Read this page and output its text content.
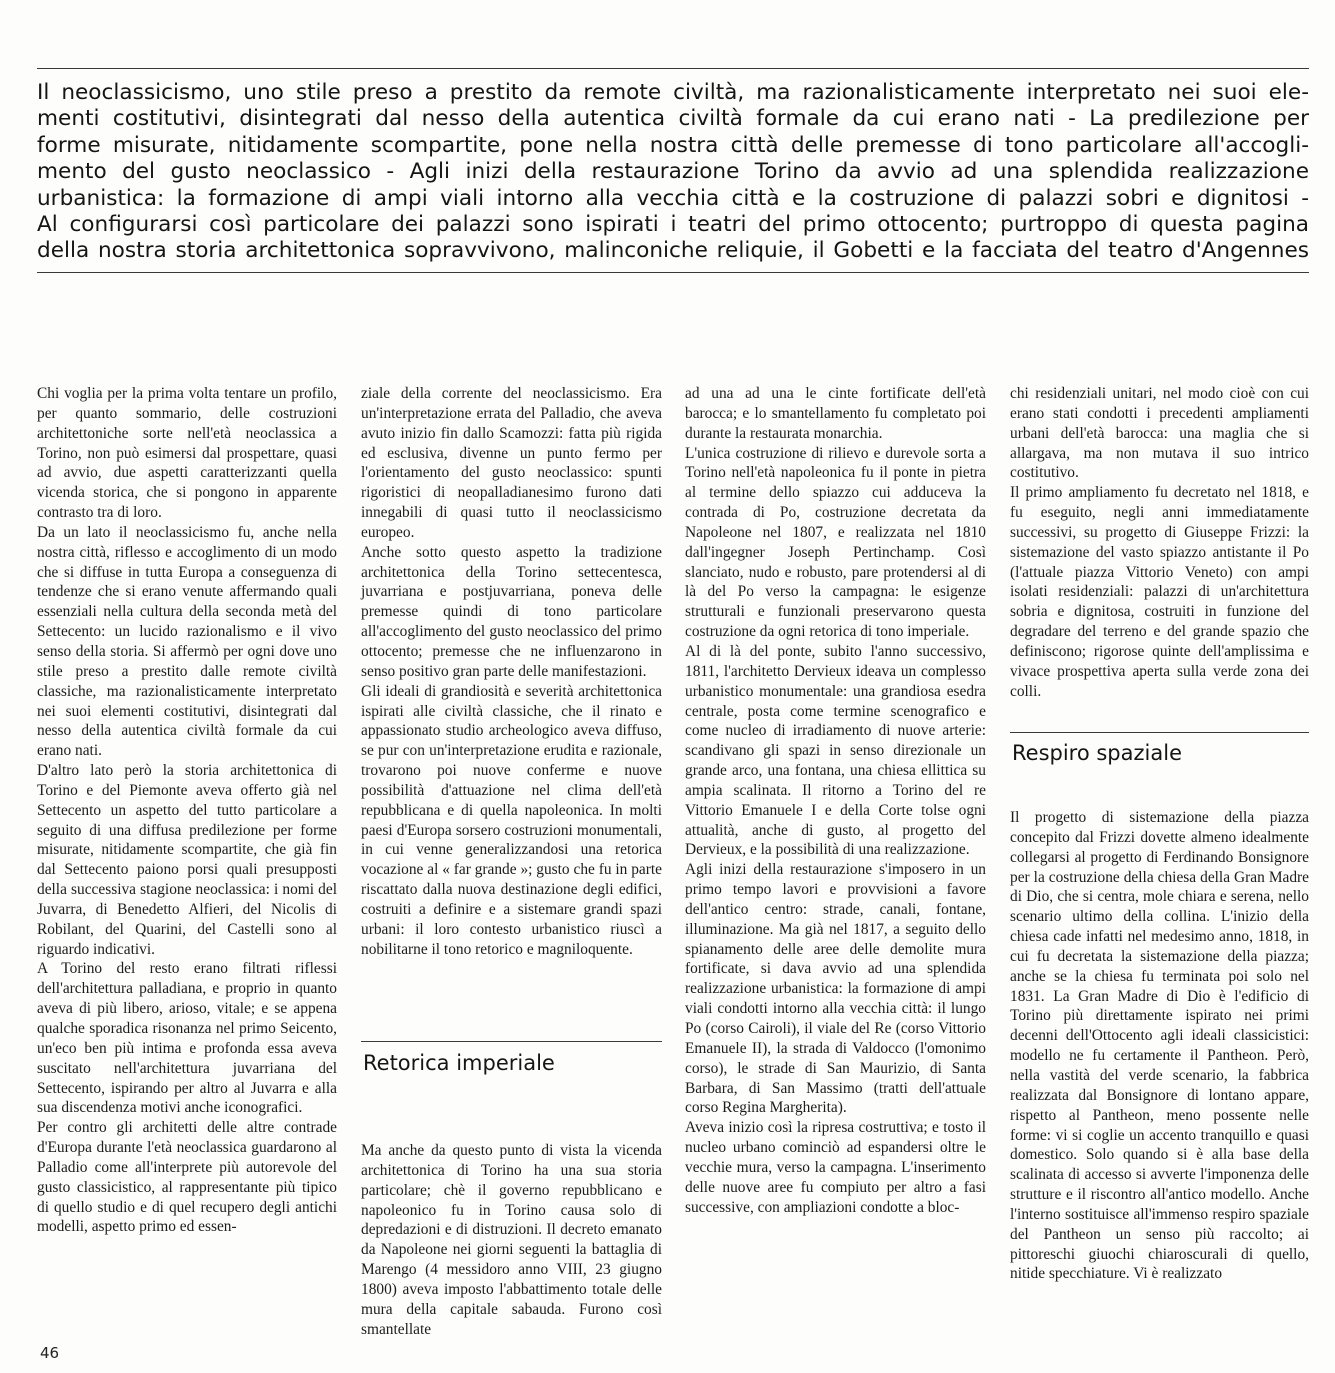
Il neoclassicismo, uno stile preso a prestito da remote civiltà, ma razionalisticamente interpretato nei suoi ele-
menti costitutivi, disintegrati dal nesso della autentica civiltà formale da cui erano nati - La predilezione per
forme misurate, nitidamente scompartite, pone nella nostra città delle premesse di tono particolare all'accogli-
mento del gusto neoclassico - Agli inizi della restaurazione Torino da avvio ad una splendida realizzazione
urbanistica: la formazione di ampi viali intorno alla vecchia città e la costruzione di palazzi sobri e dignitosi -
Al configurarsi così particolare dei palazzi sono ispirati i teatri del primo ottocento; purtroppo di questa pagina
della nostra storia architettonica sopravvivono, malinconiche reliquie, il Gobetti e la facciata del teatro d'Angennes

Chi voglia per la prima volta tentare un profilo, per quanto sommario, delle costruzioni architettoniche sorte nell'età neoclassica a Torino, non può esimersi dal prospettare, quasi ad avvio, due aspetti caratterizzanti quella vicenda storica, che si pongono in apparente contrasto tra di loro.

Da un lato il neoclassicismo fu, anche nella nostra città, riflesso e accoglimento di un modo che si diffuse in tutta Europa a conseguenza di tendenze che si erano venute affermando quali essenziali nella cultura della seconda metà del Settecento: un lucido razionalismo e il vivo senso della storia. Si affermò per ogni dove uno stile preso a prestito dalle remote civiltà classiche, ma razionalisticamente interpretato nei suoi elementi costitutivi, disintegrati dal nesso della autentica civiltà formale da cui erano nati.

D'altro lato però la storia architettonica di Torino e del Piemonte aveva offerto già nel Settecento un aspetto del tutto particolare a seguito di una diffusa predilezione per forme misurate, nitidamente scompartite, che già fin dal Settecento paiono porsi quali presupposti della successiva stagione neoclassica: i nomi del Juvarra, di Benedetto Alfieri, del Nicolis di Robilant, del Quarini, del Castelli sono al riguardo indicativi.

A Torino del resto erano filtrati riflessi dell'architettura palladiana, e proprio in quanto aveva di più libero, arioso, vitale; e se appena qualche sporadica risonanza nel primo Seicento, un'eco ben più intima e profonda essa aveva suscitato nell'architettura juvarriana del Settecento, ispirando per altro al Juvarra e alla sua discendenza motivi anche iconografici.

Per contro gli architetti delle altre contrade d'Europa durante l'età neoclassica guardarono al Palladio come all'interprete più autorevole del gusto classicistico, al rappresentante più tipico di quello studio e di quel recupero degli antichi modelli, aspetto primo ed essen-

ziale della corrente del neoclassicismo. Era un'interpretazione errata del Palladio, che aveva avuto inizio fin dallo Scamozzi: fatta più rigida ed esclusiva, divenne un punto fermo per l'orientamento del gusto neoclassico: spunti rigoristici di neopalladianesimo furono dati innegabili di quasi tutto il neoclassicismo europeo.

Anche sotto questo aspetto la tradizione architettonica della Torino settecentesca, juvarriana e postjuvarriana, poneva delle premesse quindi di tono particolare all'accoglimento del gusto neoclassico del primo ottocento; premesse che ne influenzarono in senso positivo gran parte delle manifestazioni.

Gli ideali di grandiosità e severità architettonica ispirati alle civiltà classiche, che il rinato e appassionato studio archeologico aveva diffuso, se pur con un'interpretazione erudita e razionale, trovarono poi nuove conferme e nuove possibilità d'attuazione nel clima dell'età repubblicana e di quella napoleonica. In molti paesi d'Europa sorsero costruzioni monumentali, in cui venne generalizzandosi una retorica vocazione al « far grande »; gusto che fu in parte riscattato dalla nuova destinazione degli edifici, costruiti a definire e a sistemare grandi spazi urbani: il loro contesto urbanistico riuscì a nobilitarne il tono retorico e magniloquente.

Retorica imperiale

Ma anche da questo punto di vista la vicenda architettonica di Torino ha una sua storia particolare; chè il governo repubblicano e napoleonico fu in Torino causa solo di depredazioni e di distruzioni. Il decreto emanato da Napoleone nei giorni seguenti la battaglia di Marengo (4 messidoro anno VIII, 23 giugno 1800) aveva imposto l'abbattimento totale delle mura della capitale sabauda. Furono così smantellate

ad una ad una le cinte fortificate dell'età barocca; e lo smantellamento fu completato poi durante la restaurata monarchia.

L'unica costruzione di rilievo e durevole sorta a Torino nell'età napoleonica fu il ponte in pietra al termine dello spiazzo cui adduceva la contrada di Po, costruzione decretata da Napoleone nel 1807, e realizzata nel 1810 dall'ingegner Joseph Pertinchamp. Così slanciato, nudo e robusto, pare protendersi al di là del Po verso la campagna: le esigenze strutturali e funzionali preservarono questa costruzione da ogni retorica di tono imperiale.

Al di là del ponte, subito l'anno successivo, 1811, l'architetto Dervieux ideava un complesso urbanistico monumentale: una grandiosa esedra centrale, posta come termine scenografico e come nucleo di irradiamento di nuove arterie: scandivano gli spazi in senso direzionale un grande arco, una fontana, una chiesa ellittica su ampia scalinata. Il ritorno a Torino del re Vittorio Emanuele I e della Corte tolse ogni attualità, anche di gusto, al progetto del Dervieux, e la possibilità di una realizzazione.

Agli inizi della restaurazione s'imposero in un primo tempo lavori e provvisioni a favore dell'antico centro: strade, canali, fontane, illuminazione. Ma già nel 1817, a seguito dello spianamento delle aree delle demolite mura fortificate, si dava avvio ad una splendida realizzazione urbanistica: la formazione di ampi viali condotti intorno alla vecchia città: il lungo Po (corso Cairoli), il viale del Re (corso Vittorio Emanuele II), la strada di Valdocco (l'omonimo corso), le strade di San Maurizio, di Santa Barbara, di San Massimo (tratti dell'attuale corso Regina Margherita).

Aveva inizio così la ripresa costruttiva; e tosto il nucleo urbano cominciò ad espandersi oltre le vecchie mura, verso la campagna. L'inserimento delle nuove aree fu compiuto per altro a fasi successive, con ampliazioni condotte a bloc-

chi residenziali unitari, nel modo cioè con cui erano stati condotti i precedenti ampliamenti urbani dell'età barocca: una maglia che si allargava, ma non mutava il suo intrico costitutivo.

Il primo ampliamento fu decretato nel 1818, e fu eseguito, negli anni immediatamente successivi, su progetto di Giuseppe Frizzi: la sistemazione del vasto spiazzo antistante il Po (l'attuale piazza Vittorio Veneto) con ampi isolati residenziali: palazzi di un'architettura sobria e dignitosa, costruiti in funzione del degradare del terreno e del grande spazio che definiscono; rigorose quinte dell'amplissima e vivace prospettiva aperta sulla verde zona dei colli.

Respiro spaziale

Il progetto di sistemazione della piazza concepito dal Frizzi dovette almeno idealmente collegarsi al progetto di Ferdinando Bonsignore per la costruzione della chiesa della Gran Madre di Dio, che si centra, mole chiara e serena, nello scenario ultimo della collina. L'inizio della chiesa cade infatti nel medesimo anno, 1818, in cui fu decretata la sistemazione della piazza; anche se la chiesa fu terminata poi solo nel 1831. La Gran Madre di Dio è l'edificio di Torino più direttamente ispirato nei primi decenni dell'Ottocento agli ideali classicistici: modello ne fu certamente il Pantheon. Però, nella vastità del verde scenario, la fabbrica realizzata dal Bonsignore di lontano appare, rispetto al Pantheon, meno possente nelle forme: vi si coglie un accento tranquillo e quasi domestico. Solo quando si è alla base della scalinata di accesso si avverte l'imponenza delle strutture e il riscontro all'antico modello. Anche l'interno sostituisce all'immenso respiro spaziale del Pantheon un senso più raccolto; ai pittoreschi giuochi chiaroscurali di quello, nitide specchiature. Vi è realizzato

46
